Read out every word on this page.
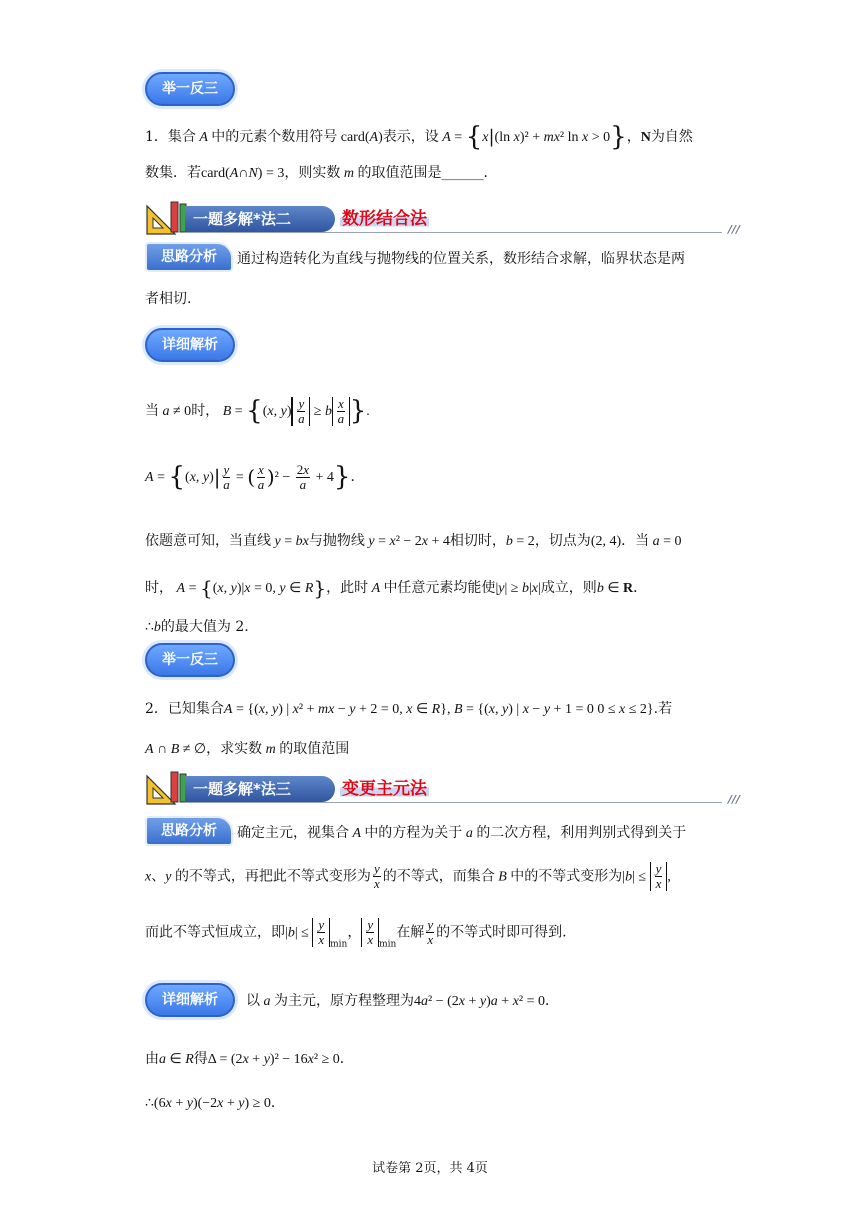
举一反三
1．集合 A 中的元素个数用符号 card(A)表示，设 A = {x|(ln x)² + mx² ln x > 0}，N为自然
数集．若card(A∩N) = 3，则实数 m 的取值范围是______．
一题多解*法二	数形结合法
///
思路分析	通过构造转化为直线与抛物线的位置关系，数形结合求解，临界状态是两
者相切.
详细解析
当 a ≠ 0时， B = {(x, $y) \frac{y}{a} \ge b \frac{x}{a}$ }.
A = {(x, $y)| \frac{y}{a}$ = ( $\frac{x}{a} )^2 - \frac{2x}{a} + 4$}．
依题意可知，当直线 y = bx与抛物线 y = x² − 2x + 4相切时，b = 2，切点为(2, 4)．当 a = 0
时， A = {(x, y)|x = 0, y ∈ R}，此时 A 中任意元素均能使|y| ≥ b|x|成立，则b ∈ R．
∴b的最大值为 2.
举一反三
2．已知集合A = {(x, y) | x² + mx − y + 2 = 0, x ∈ R}, B = {(x, y) | x − y + 1 = 0 0 ≤ x ≤ 2}.若
A ∩ B ≠ ∅，求实数 m 的取值范围
一题多解*法三	变更主元法
///
思路分析	确定主元，视集合 A 中的方程为关于 a 的二次方程，利用判别式得到关于
x、y 的不等式，再把此不等式变形为 $\frac{y}{x}$ 的不等式，而集合 B 中的不等式变形为$|b| \le \frac{y}{x}$ ,
而此不等式恒成立，即$|b| \le \frac{y}{x} _{min}$， $\frac{y}{x} _{min}$在解 $\frac{y}{x}$ 的不等式时即可得到.
详细解析	以 a 为主元，原方程整理为4a² − (2x + y)a + x² = 0．
由a ∈ R得Δ = (2x + y)² − 16x² ≥ 0．
∴(6x + y)(−2x + y) ≥ 0．
试卷第 2页，共 4页
